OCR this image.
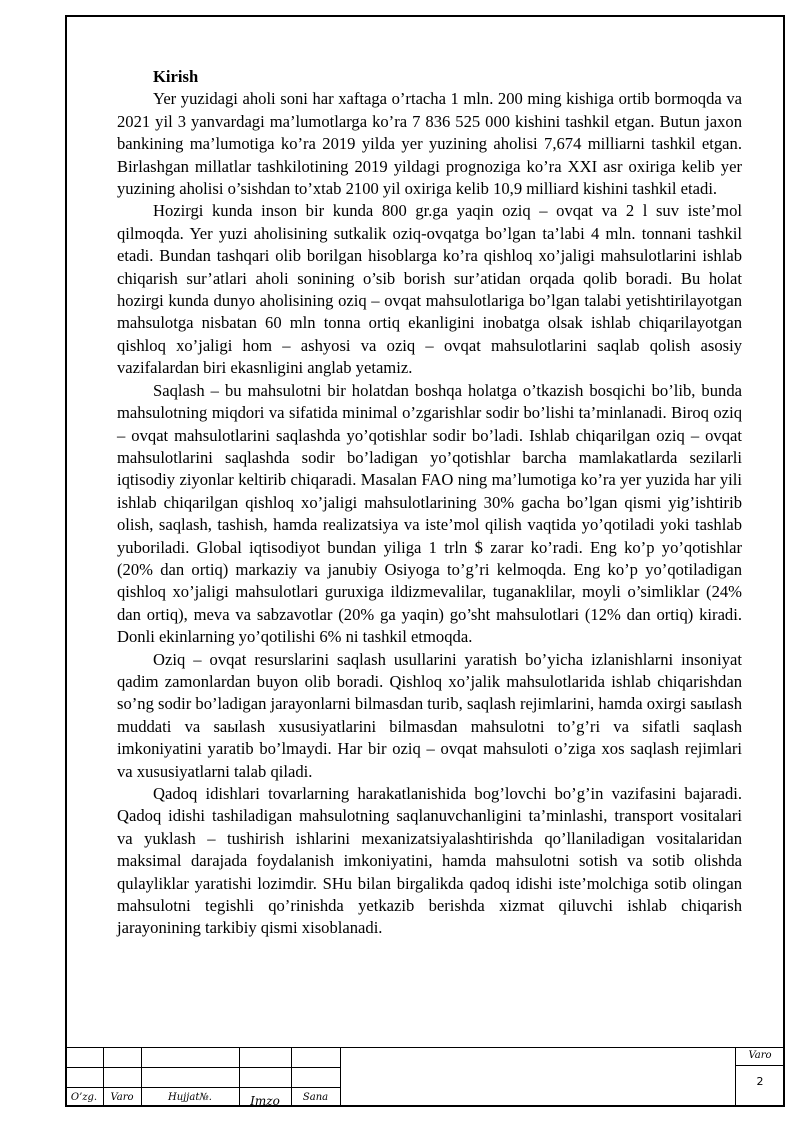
Kirish

Yer yuzidagi aholi soni har xaftaga o’rtacha 1 mln. 200 ming kishiga ortib bormoqda va 2021 yil 3 yanvardagi ma’lumotlarga ko’ra 7 836 525 000 kishini tashkil etgan. Butun jaxon bankining ma’lumotiga ko’ra 2019 yilda yer yuzining aholisi 7,674 milliarni tashkil etgan. Birlashgan millatlar tashkilotining 2019 yildagi prognoziga ko’ra XXI asr oxiriga kelib yer yuzining aholisi o’sishdan to’xtab 2100 yil oxiriga kelib 10,9 milliard kishini tashkil etadi.

Hozirgi kunda inson bir kunda 800 gr.ga yaqin oziq – ovqat va 2 l suv iste’mol qilmoqda. Yer yuzi aholisining sutkalik oziq-ovqatga bo’lgan ta’labi 4 mln. tonnani tashkil etadi. Bundan tashqari olib borilgan hisoblarga ko’ra qishloq xo’jaligi mahsulotlarini ishlab chiqarish sur’atlari aholi sonining o’sib borish sur’atidan orqada qolib boradi. Bu holat hozirgi kunda dunyo aholisining oziq – ovqat mahsulotlariga bo’lgan talabi yetishtirilayotgan mahsulotga nisbatan 60 mln tonna ortiq ekanligini inobatga olsak ishlab chiqarilayotgan qishloq xo’jaligi hom – ashyosi va oziq – ovqat mahsulotlarini saqlab qolish asosiy vazifalardan biri ekasnligini anglab yetamiz.

Saqlash – bu mahsulotni bir holatdan boshqa holatga o’tkazish bosqichi bo’lib, bunda mahsulotning miqdori va sifatida minimal o’zgarishlar sodir bo’lishi ta’minlanadi. Biroq oziq – ovqat mahsulotlarini saqlashda yo’qotishlar sodir bo’ladi. Ishlab chiqarilgan oziq – ovqat mahsulotlarini saqlashda sodir bo’ladigan yo’qotishlar barcha mamlakatlarda sezilarli iqtisodiy ziyonlar keltirib chiqaradi. Masalan FAO ning ma’lumotiga ko’ra yer yuzida har yili ishlab chiqarilgan qishloq xo’jaligi mahsulotlarining 30% gacha bo’lgan qismi yig’ishtirib olish, saqlash, tashish, hamda realizatsiya va iste’mol qilish vaqtida yo’qotiladi yoki tashlab yuboriladi. Global iqtisodiyot bundan yiliga 1 trln $ zarar ko’radi. Eng ko’p yo’qotishlar (20% dan ortiq) markaziy va janubiy Osiyoga to’g’ri kelmoqda. Eng ko’p yo’qotiladigan qishloq xo’jaligi mahsulotlari guruxiga ildizmevalilar, tuganaklilar, moyli o’simliklar (24% dan ortiq), meva va sabzavotlar (20% ga yaqin) go’sht mahsulotlari (12% dan ortiq) kiradi. Donli ekinlarning yo’qotilishi 6% ni tashkil etmoqda.

Oziq – ovqat resurslarini saqlash usullarini yaratish bo’yicha izlanishlarni insoniyat qadim zamonlardan buyon olib boradi. Qishloq xo’jalik mahsulotlarida ishlab chiqarishdan so’ng sodir bo’ladigan jarayonlarni bilmasdan turib, saqlash rejimlarini, hamda oxirgi saыlash muddati va saыlash xususiyatlarini bilmasdan mahsulotni to’g’ri va sifatli saqlash imkoniyatini yaratib bo’lmaydi. Har bir oziq – ovqat mahsuloti o’ziga xos saqlash rejimlari va xususiyatlarni talab qiladi.

Qadoq idishlari tovarlarning harakatlanishida bog’lovchi bo’g’in vazifasini bajaradi. Qadoq idishi tashiladigan mahsulotning saqlanuvchanligini ta’minlashi, transport vositalari va yuklash – tushirish ishlarini mexanizatsiyalashtirishda qo’llaniladigan vositalaridan maksimal darajada foydalanish imkoniyatini, hamda mahsulotni sotish va sotib olishda qulayliklar yaratishi lozimdir. SHu bilan birgalikda qadoq idishi iste’molchiga sotib olingan mahsulotni tegishli qo’rinishda yetkazib berishda xizmat qiluvchi ishlab chiqarish jarayonining tarkibiy qismi xisoblanadi.

O’zg.	Varo	Hujjat№.	Imzo	Sana
Varo
2
